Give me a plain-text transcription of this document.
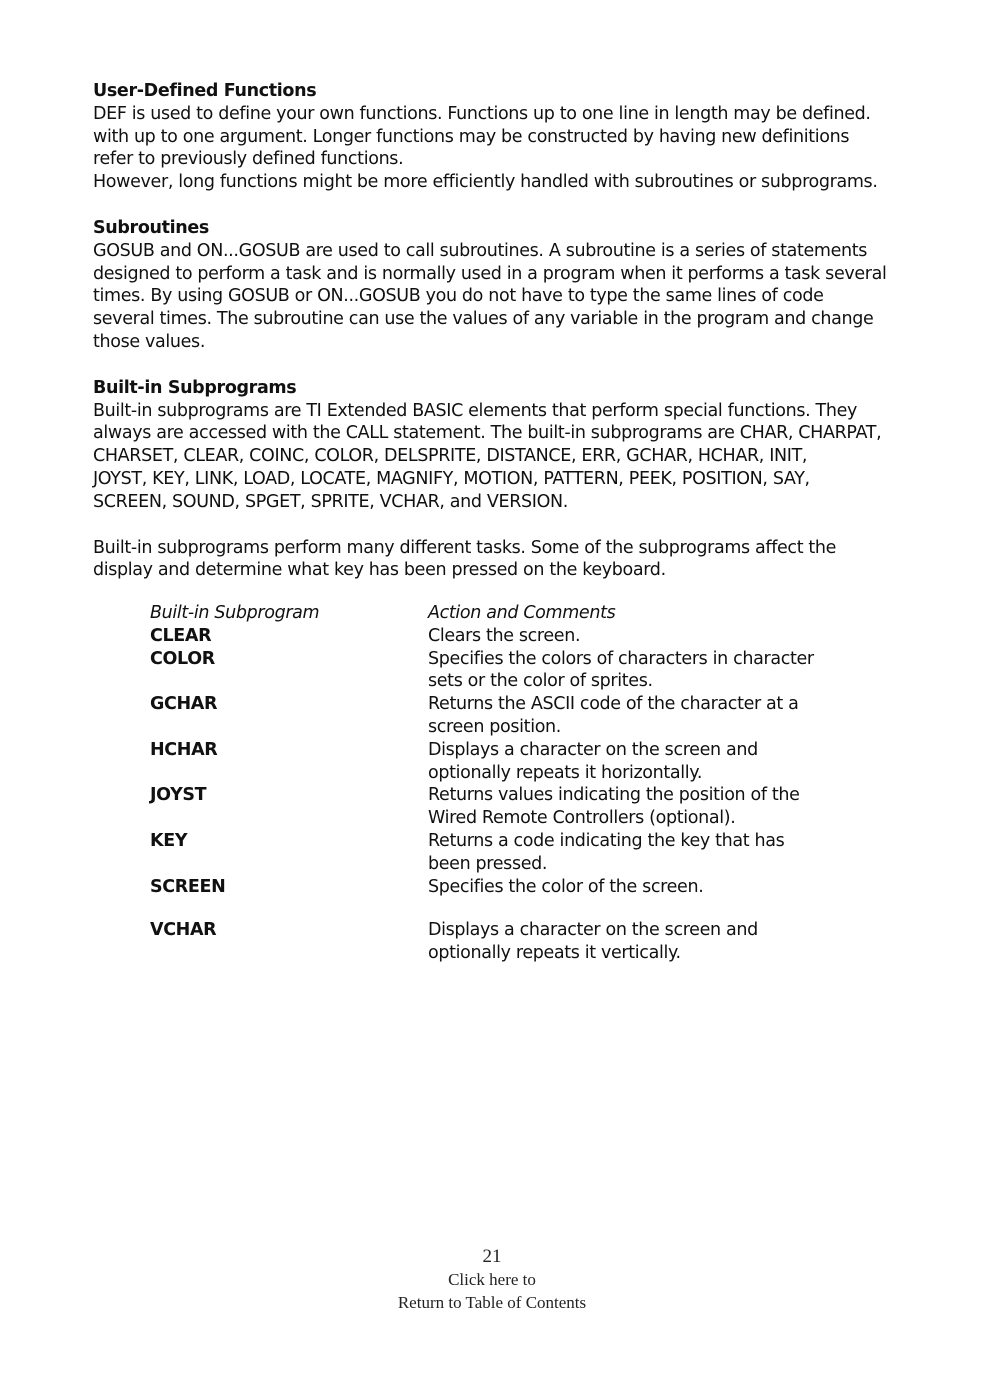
User-Defined Functions

DEF is used to define your own functions. Functions up to one line in length may be defined.
with up to one argument. Longer functions may be constructed by having new definitions
refer to previously defined functions.
However, long functions might be more efficiently handled with subroutines or subprograms.

Subroutines

GOSUB and ON...GOSUB are used to call subroutines. A subroutine is a series of statements
designed to perform a task and is normally used in a program when it performs a task several
times. By using GOSUB or ON...GOSUB you do not have to type the same lines of code
several times. The subroutine can use the values of any variable in the program and change
those values.

Built-in Subprograms

Built-in subprograms are TI Extended BASIC elements that perform special functions. They
always are accessed with the CALL statement. The built-in subprograms are CHAR, CHARPAT,
CHARSET, CLEAR, COINC, COLOR, DELSPRITE, DISTANCE, ERR, GCHAR, HCHAR, INIT,
JOYST, KEY, LINK, LOAD, LOCATE, MAGNIFY, MOTION, PATTERN, PEEK, POSITION, SAY,
SCREEN, SOUND, SPGET, SPRITE, VCHAR, and VERSION.

Built-in subprograms perform many different tasks. Some of the subprograms affect the
display and determine what key has been pressed on the keyboard.

Built-in Subprogram	Action and Comments
CLEAR	Clears the screen.
COLOR	Specifies the colors of characters in character
sets or the color of sprites.
GCHAR	Returns the ASCII code of the character at a
screen position.
HCHAR	Displays a character on the screen and
optionally repeats it horizontally.
JOYST	Returns values indicating the position of the
Wired Remote Controllers (optional).
KEY	Returns a code indicating the key that has
been pressed.
SCREEN	Specifies the color of the screen.
VCHAR	Displays a character on the screen and
optionally repeats it vertically.
21
Click here to
Return to Table of Contents
